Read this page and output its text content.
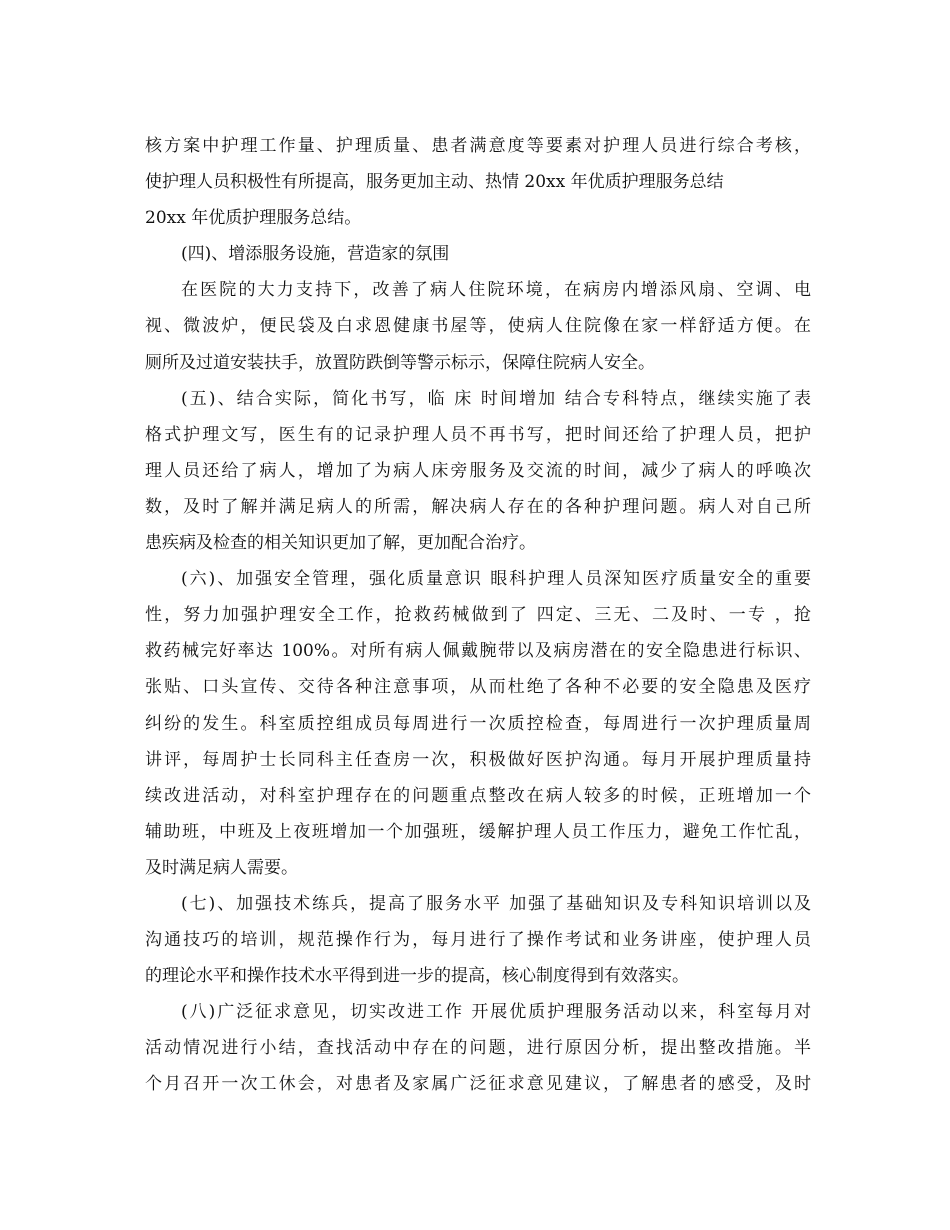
核方案中护理工作量、护理质量、患者满意度等要素对护理人员进行综合考核，
使护理人员积极性有所提高，服务更加主动、热情 20xx 年优质护理服务总结
20xx 年优质护理服务总结。
(四)、增添服务设施，营造家的氛围
在医院的大力支持下，改善了病人住院环境，在病房内增添风扇、空调、电
视、微波炉，便民袋及白求恩健康书屋等，使病人住院像在家一样舒适方便。在
厕所及过道安装扶手，放置防跌倒等警示标示，保障住院病人安全。
(五)、结合实际，简化书写，临 床 时间增加 结合专科特点，继续实施了表
格式护理文写，医生有的记录护理人员不再书写，把时间还给了护理人员，把护
理人员还给了病人，增加了为病人床旁服务及交流的时间，减少了病人的呼唤次
数，及时了解并满足病人的所需，解决病人存在的各种护理问题。病人对自己所
患疾病及检查的相关知识更加了解，更加配合治疗。
(六)、加强安全管理，强化质量意识 眼科护理人员深知医疗质量安全的重要
性，努力加强护理安全工作，抢救药械做到了 四定、三无、二及时、一专 ，抢
救药械完好率达 100%。对所有病人佩戴腕带以及病房潜在的安全隐患进行标识、
张贴、口头宣传、交待各种注意事项，从而杜绝了各种不必要的安全隐患及医疗
纠纷的发生。科室质控组成员每周进行一次质控检查，每周进行一次护理质量周
讲评，每周护士长同科主任查房一次，积极做好医护沟通。每月开展护理质量持
续改进活动，对科室护理存在的问题重点整改在病人较多的时候，正班增加一个
辅助班，中班及上夜班增加一个加强班，缓解护理人员工作压力，避免工作忙乱，
及时满足病人需要。
(七)、加强技术练兵，提高了服务水平 加强了基础知识及专科知识培训以及
沟通技巧的培训，规范操作行为，每月进行了操作考试和业务讲座，使护理人员
的理论水平和操作技术水平得到进一步的提高，核心制度得到有效落实。
(八)广泛征求意见，切实改进工作 开展优质护理服务活动以来，科室每月对
活动情况进行小结，查找活动中存在的问题，进行原因分析，提出整改措施。半
个月召开一次工休会，对患者及家属广泛征求意见建议，了解患者的感受，及时
